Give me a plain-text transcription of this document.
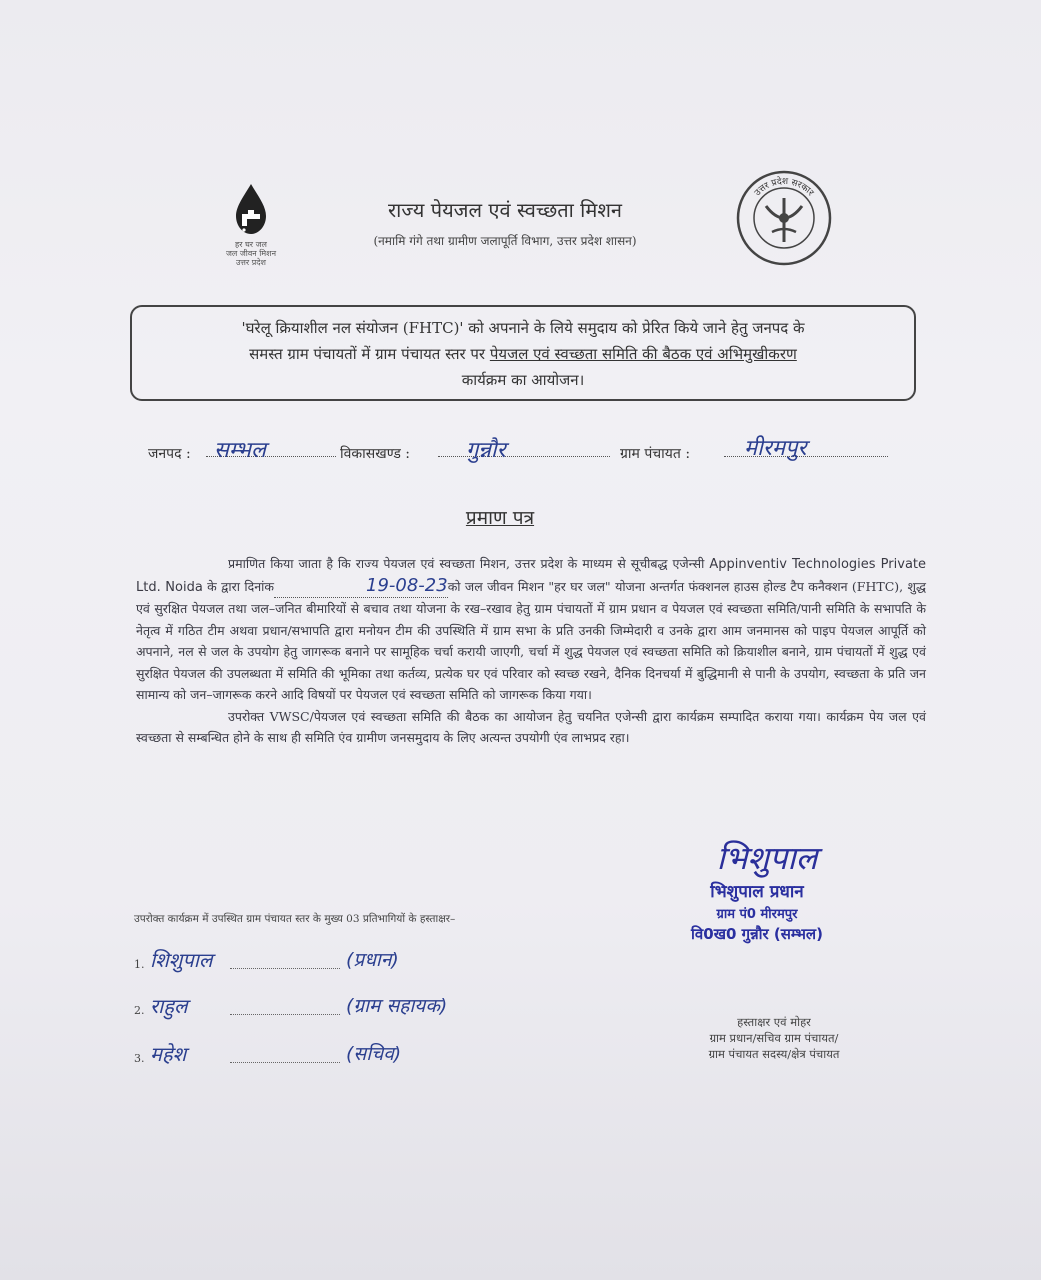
हर घर जल
जल जीवन मिशन
उत्तर प्रदेश
राज्य पेयजल एवं स्वच्छता मिशन
(नमामि गंगे तथा ग्रामीण जलापूर्ति विभाग, उत्तर प्रदेश शासन)
उत्तर प्रदेश सरकार
'घरेलू क्रियाशील नल संयोजन (FHTC)' को अपनाने के लिये समुदाय को प्रेरित किये जाने हेतु जनपद के
समस्त ग्राम पंचायतों में ग्राम पंचायत स्तर पर पेयजल एवं स्वच्छता समिति की बैठक एवं अभिमुखीकरण
कार्यक्रम का आयोजन।
जनपद : सम्भल	विकासखण्ड :	गुन्नौर	ग्राम पंचायत : मीरमपुर
प्रमाण पत्र

प्रमाणित किया जाता है कि राज्य पेयजल एवं स्वच्छता मिशन, उत्तर प्रदेश के माध्यम से सूचीबद्ध एजेन्सी Appinventiv Technologies Private Ltd. Noida के द्वारा दिनांक	19-08-23को जल जीवन मिशन "हर घर जल" योजना अन्तर्गत फंक्शनल हाउस होल्ड टैप कनैक्शन (FHTC), शुद्ध एवं सुरक्षित पेयजल तथा जल–जनित बीमारियों से बचाव तथा योजना के रख–रखाव हेतु ग्राम पंचायतों में ग्राम प्रधान व पेयजल एवं स्वच्छता समिति/पानी समिति के सभापति के नेतृत्व में गठित टीम अथवा प्रधान/सभापति द्वारा मनोयन टीम की उपस्थिति में ग्राम सभा के प्रति उनकी जिम्मेदारी व उनके द्वारा आम जनमानस को पाइप पेयजल आपूर्ति को अपनाने, नल से जल के उपयोग हेतु जागरूक बनाने पर सामूहिक चर्चा करायी जाएगी, चर्चा में शुद्ध पेयजल एवं स्वच्छता समिति को क्रियाशील बनाने, ग्राम पंचायतों में शुद्ध एवं सुरक्षित पेयजल की उपलब्धता में समिति की भूमिका तथा कर्तव्य, प्रत्येक घर एवं परिवार को स्वच्छ रखने, दैनिक दिनचर्या में बुद्धिमानी से पानी के उपयोग, स्वच्छता के प्रति जन सामान्य को जन–जागरूक करने आदि विषयों पर पेयजल एवं स्वच्छता समिति को जागरूक किया गया।

उपरोक्त VWSC/पेयजल एवं स्वच्छता समिति की बैठक का आयोजन हेतु चयनित एजेन्सी द्वारा कार्यक्रम सम्पादित कराया गया। कार्यक्रम पेय जल एवं स्वच्छता से सम्बन्धित होने के साथ ही समिति एंव ग्रामीण जनसमुदाय के लिए अत्यन्त उपयोगी एंव लाभप्रद रहा।

भिशुपाल
भिशुपाल प्रधान
ग्राम पं0 मीरमपुर
वि0ख0 गुन्नौर (सम्भल)
उपरोक्त कार्यक्रम में उपस्थित ग्राम पंचायत स्तर के मुख्य 03 प्रतिभागियों के हस्ताक्षर–
1. शिशुपाल	(प्रधान)
2. राहुल	(ग्राम सहायक)
3. महेश	(सचिव)
हस्ताक्षर एवं मोहर
ग्राम प्रधान/सचिव ग्राम पंचायत/
ग्राम पंचायत सदस्य/क्षेत्र पंचायत
